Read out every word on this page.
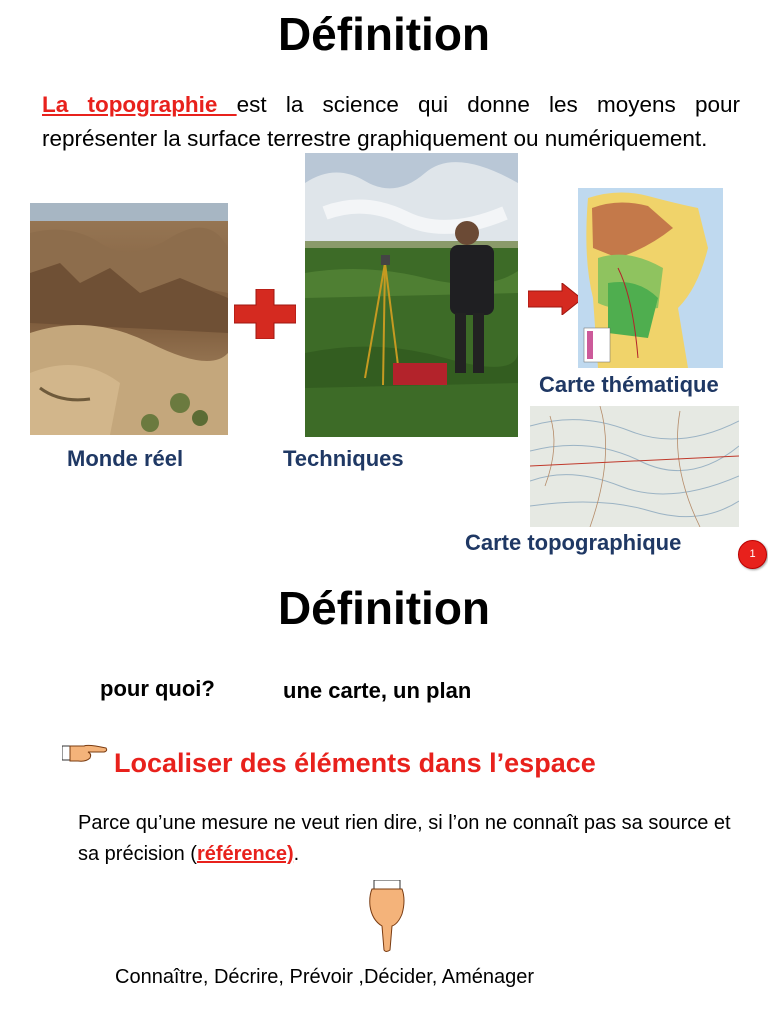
Définition
La topographie est la science qui donne les moyens pour représenter la surface terrestre graphiquement ou numériquement.
Monde réel	Techniques
Carte thématique
Carte topographique	1
Définition
pour quoi?	une carte, un plan
Localiser des éléments dans l’espace
Parce qu’une mesure ne veut rien dire, si l’on ne connaît pas sa source et sa précision (référence).
Connaître, Décrire, Prévoir ,Décider, Aménager
